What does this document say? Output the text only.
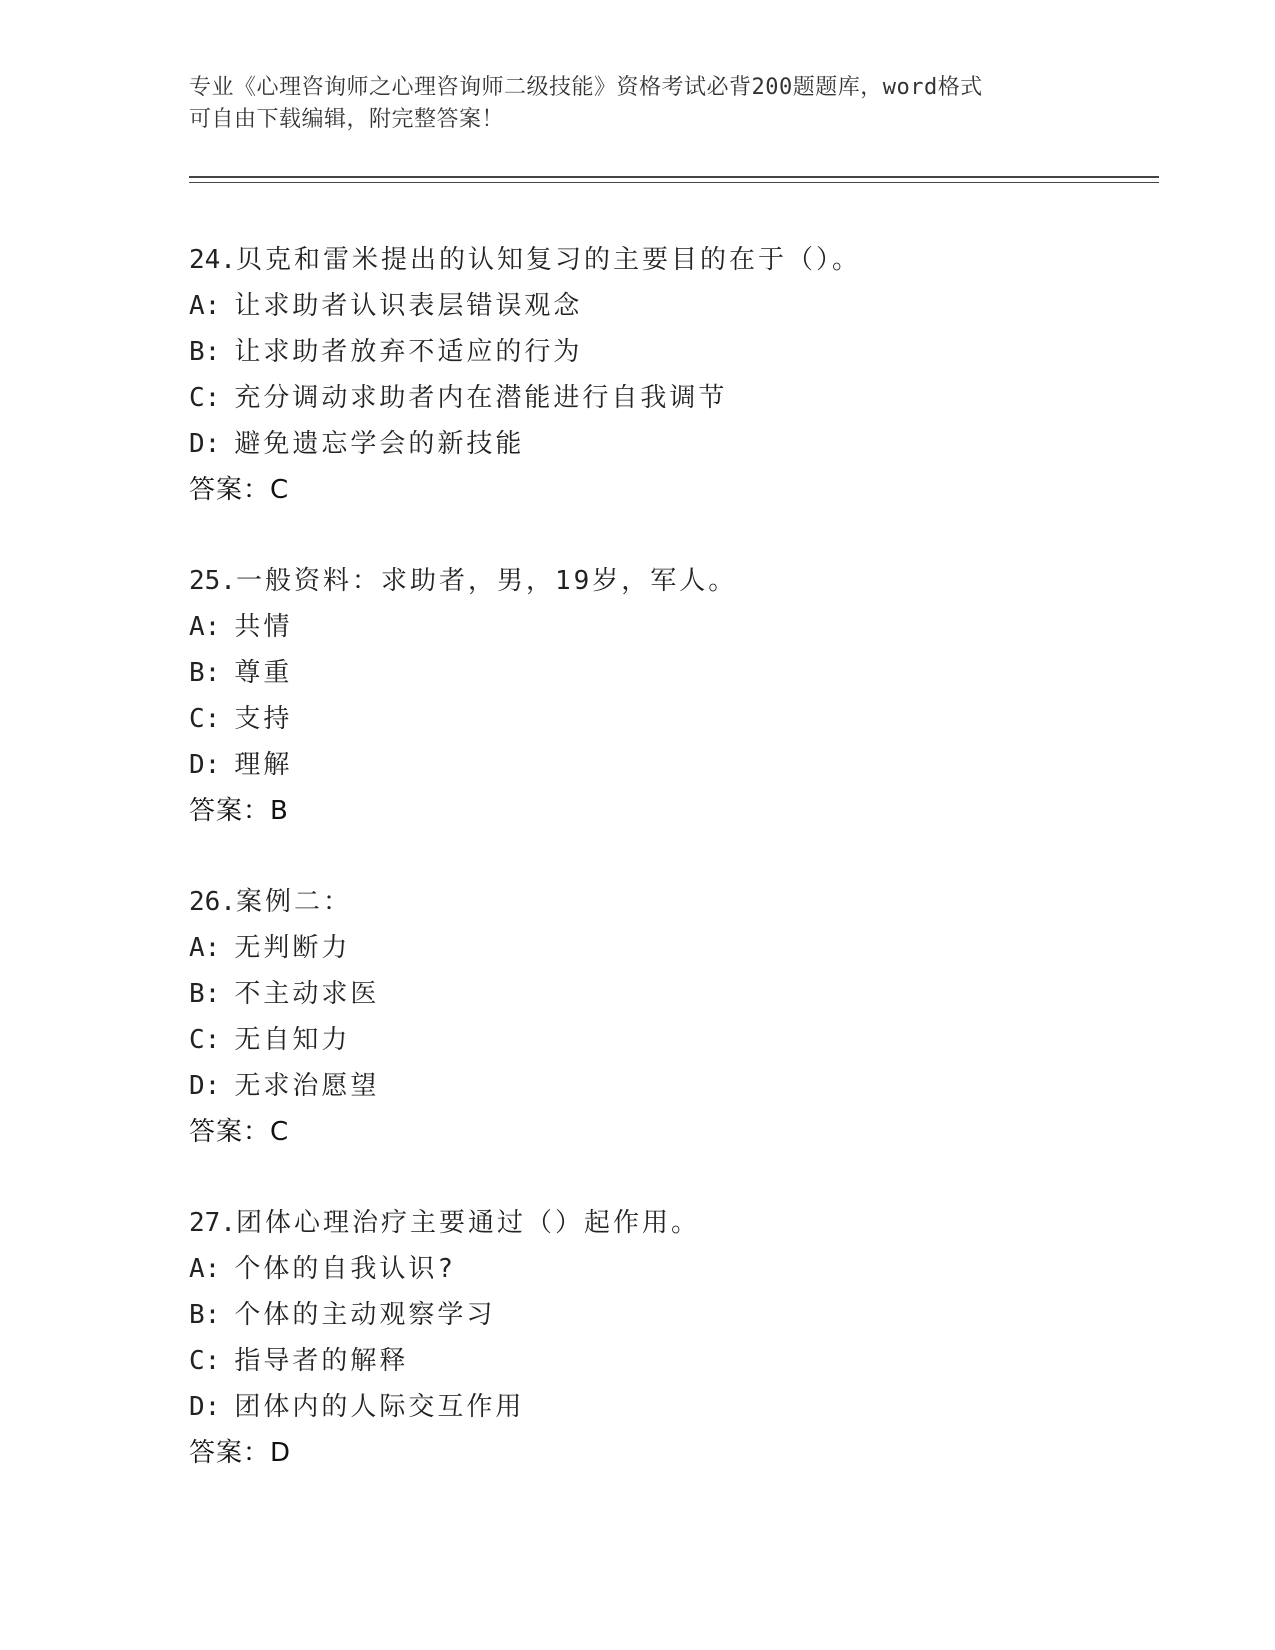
专业《心理咨询师之心理咨询师二级技能》资格考试必背200题题库，word格式
可自由下载编辑，附完整答案！
24.贝克和雷米提出的认知复习的主要目的在于（）。
A: 让求助者认识表层错误观念
B: 让求助者放弃不适应的行为
C: 充分调动求助者内在潜能进行自我调节
D: 避免遗忘学会的新技能
答案：C
25.一般资料：求助者，男，19岁，军人。
A: 共情
B: 尊重
C: 支持
D: 理解
答案：B
26.案例二：
A: 无判断力
B: 不主动求医
C: 无自知力
D: 无求治愿望
答案：C
27.团体心理治疗主要通过（）起作用。
A: 个体的自我认识?
B: 个体的主动观察学习
C: 指导者的解释
D: 团体内的人际交互作用
答案：D
